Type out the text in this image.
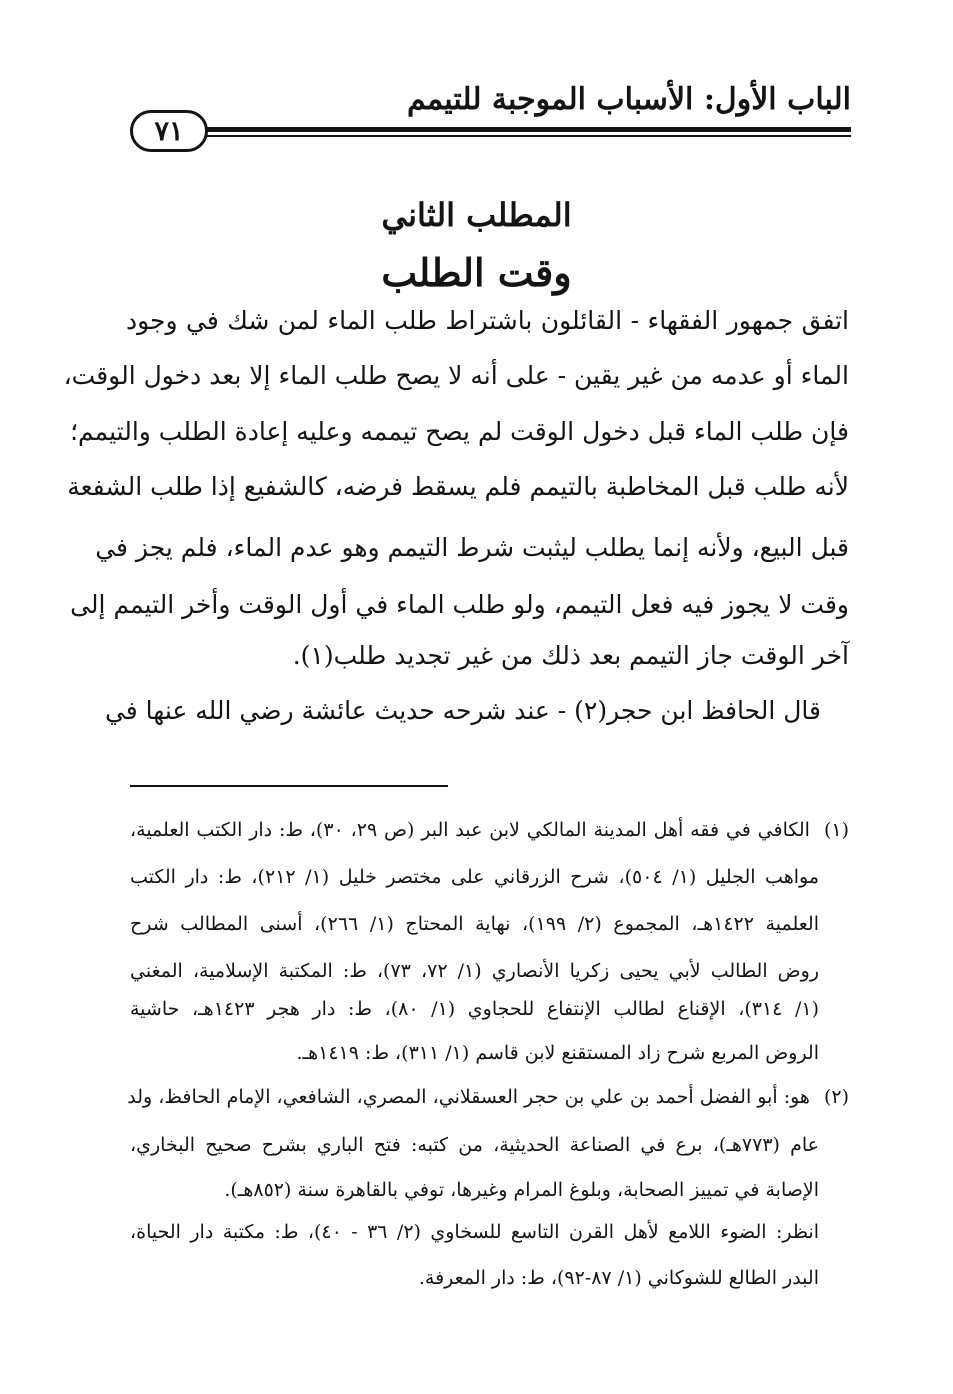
الباب الأول: الأسباب الموجبة للتيمم
٧١
المطلب الثاني
وقت الطلب
اتفق جمهور الفقهاء - القائلون باشتراط طلب الماء لمن شك في وجود
الماء أو عدمه من غير يقين - على أنه لا يصح طلب الماء إلا بعد دخول الوقت،
فإن طلب الماء قبل دخول الوقت لم يصح تيممه وعليه إعادة الطلب والتيمم؛
لأنه طلب قبل المخاطبة بالتيمم فلم يسقط فرضه، كالشفيع إذا طلب الشفعة
قبل البيع، ولأنه إنما يطلب ليثبت شرط التيمم وهو عدم الماء، فلم يجز في
وقت لا يجوز فيه فعل التيمم، ولو طلب الماء في أول الوقت وأخر التيمم إلى
آخر الوقت جاز التيمم بعد ذلك من غير تجديد طلب(١).
قال الحافظ ابن حجر(٢) - عند شرحه حديث عائشة رضي الله عنها في
(١)الكافي في فقه أهل المدينة المالكي لابن عبد البر (ص ٢٩، ٣٠)، ط: دار الكتب العلمية،
مواهب الجليل (١/ ٥٠٤)، شرح الزرقاني على مختصر خليل (١/ ٢١٢)، ط: دار الكتب
العلمية ١٤٢٢هـ، المجموع (٢/ ١٩٩)، نهاية المحتاج (١/ ٢٦٦)، أسنى المطالب شرح
روض الطالب لأبي يحيى زكريا الأنصاري (١/ ٧٢، ٧٣)، ط: المكتبة الإسلامية، المغني
(١/ ٣١٤)، الإقناع لطالب الإنتفاع للحجاوي (١/ ٨٠)، ط: دار هجر ١٤٢٣هـ، حاشية
الروض المربع شرح زاد المستقنع لابن قاسم (١/ ٣١١)، ط: ١٤١٩هـ.
(٢)هو: أبو الفضل أحمد بن علي بن حجر العسقلاني، المصري، الشافعي، الإمام الحافظ، ولد
عام (٧٧٣هـ)، برع في الصناعة الحديثية، من كتبه: فتح الباري بشرح صحيح البخاري،
الإصابة في تمييز الصحابة، وبلوغ المرام وغيرها، توفي بالقاهرة سنة (٨٥٢هـ).
انظر: الضوء اللامع لأهل القرن التاسع للسخاوي (٢/ ٣٦ - ٤٠)، ط: مكتبة دار الحياة،
البدر الطالع للشوكاني (١/ ٨٧-٩٢)، ط: دار المعرفة.
